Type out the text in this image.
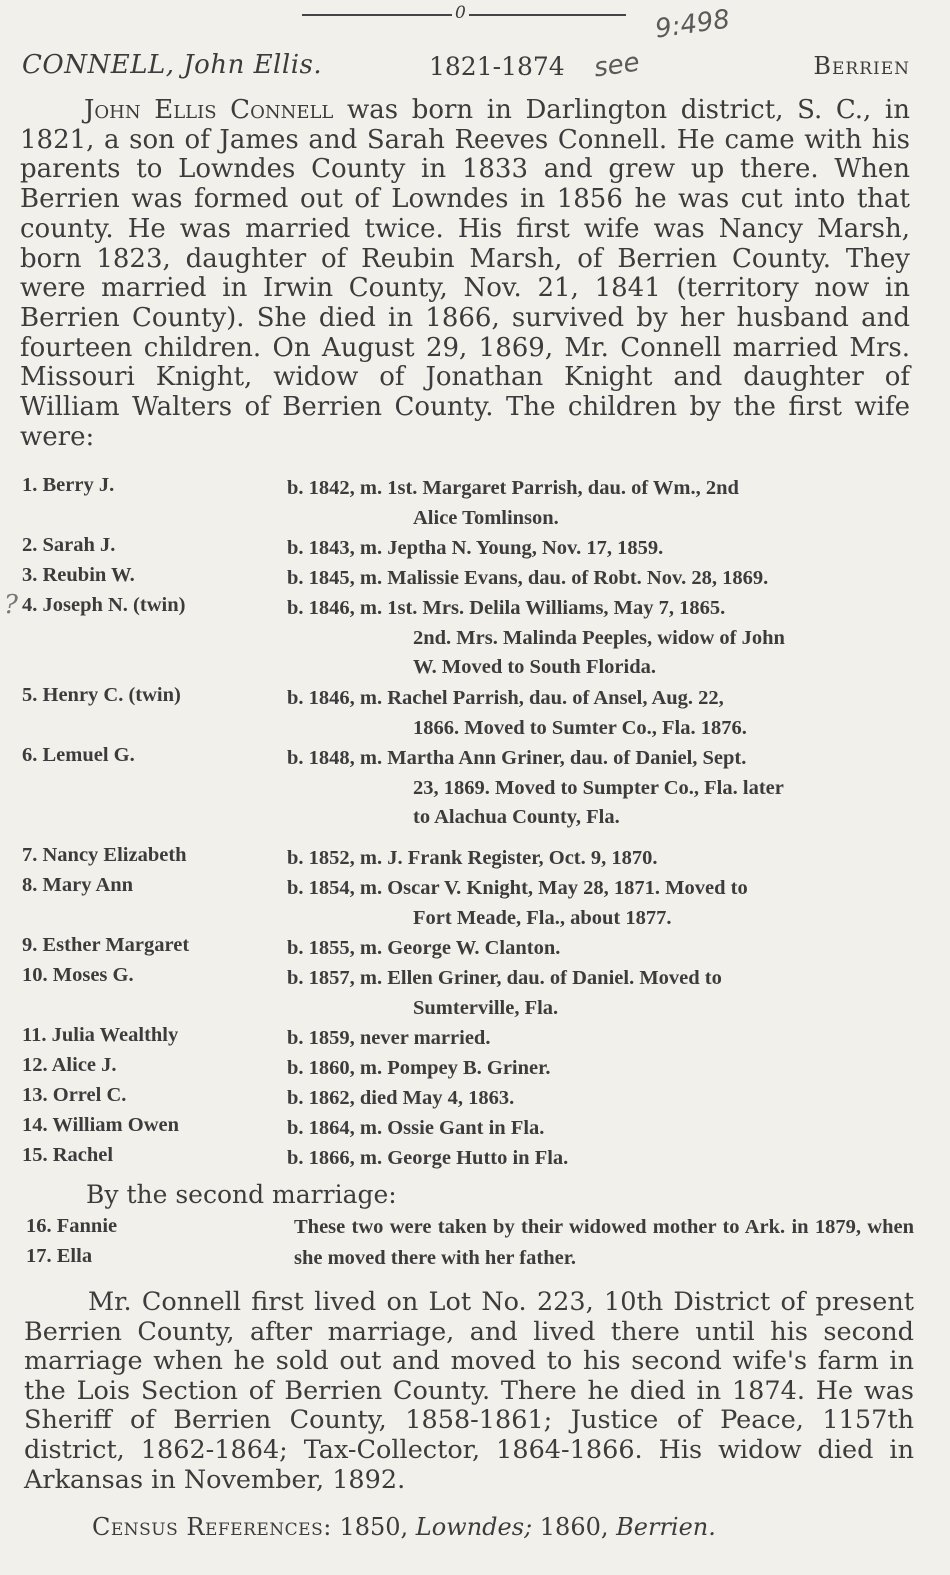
0
CONNELL, John Ellis.	1821-1874	Berrien
see
9:498
John Ellis Connell was born in Darlington district, S. C., in 1821, a son of James and Sarah Reeves Connell. He came with his parents to Lowndes County in 1833 and grew up there. When Berrien was formed out of Lowndes in 1856 he was cut into that county. He was married twice. His first wife was Nancy Marsh, born 1823, daughter of Reubin Marsh, of Berrien County. They were married in Irwin County, Nov. 21, 1841 (territory now in Berrien County). She died in 1866, survived by her husband and fourteen children. On August 29, 1869, Mr. Connell married Mrs. Missouri Knight, widow of Jonathan Knight and daughter of William Walters of Berrien County. The children by the first wife were:
?
1. Berry J.	b. 1842, m. 1st. Margaret Parrish, dau. of Wm., 2nd
Alice Tomlinson.
2. Sarah J.	b. 1843, m. Jeptha N. Young, Nov. 17, 1859.
3. Reubin W.	b. 1845, m. Malissie Evans, dau. of Robt. Nov. 28, 1869.
4. Joseph N. (twin)	b. 1846, m. 1st. Mrs. Delila Williams, May 7, 1865.
2nd. Mrs. Malinda Peeples, widow of John
W. Moved to South Florida.
5. Henry C. (twin)	b. 1846, m. Rachel Parrish, dau. of Ansel, Aug. 22,
1866. Moved to Sumter Co., Fla. 1876.
6. Lemuel G.	b. 1848, m. Martha Ann Griner, dau. of Daniel, Sept.
23, 1869. Moved to Sumpter Co., Fla. later
to Alachua County, Fla.
7. Nancy Elizabeth	b. 1852, m. J. Frank Register, Oct. 9, 1870.
8. Mary Ann	b. 1854, m. Oscar V. Knight, May 28, 1871. Moved to
Fort Meade, Fla., about 1877.
9. Esther Margaret	b. 1855, m. George W. Clanton.
10. Moses G.	b. 1857, m. Ellen Griner, dau. of Daniel. Moved to
Sumterville, Fla.
11. Julia Wealthly	b. 1859, never married.
12. Alice J.	b. 1860, m. Pompey B. Griner.
13. Orrel C.	b. 1862, died May 4, 1863.
14. William Owen	b. 1864, m. Ossie Gant in Fla.
15. Rachel	b. 1866, m. George Hutto in Fla.
By the second marriage:
16. Fannie
17. Ella
These two were taken by their widowed mother to Ark. in 1879, when she moved there with her father.
Mr. Connell first lived on Lot No. 223, 10th District of present Berrien County, after marriage, and lived there until his second marriage when he sold out and moved to his second wife's farm in the Lois Section of Berrien County. There he died in 1874. He was Sheriff of Berrien County, 1858-1861; Justice of Peace, 1157th district, 1862-1864; Tax-Collector, 1864-1866. His widow died in Arkansas in November, 1892.
Census References: 1850, Lowndes; 1860, Berrien.
